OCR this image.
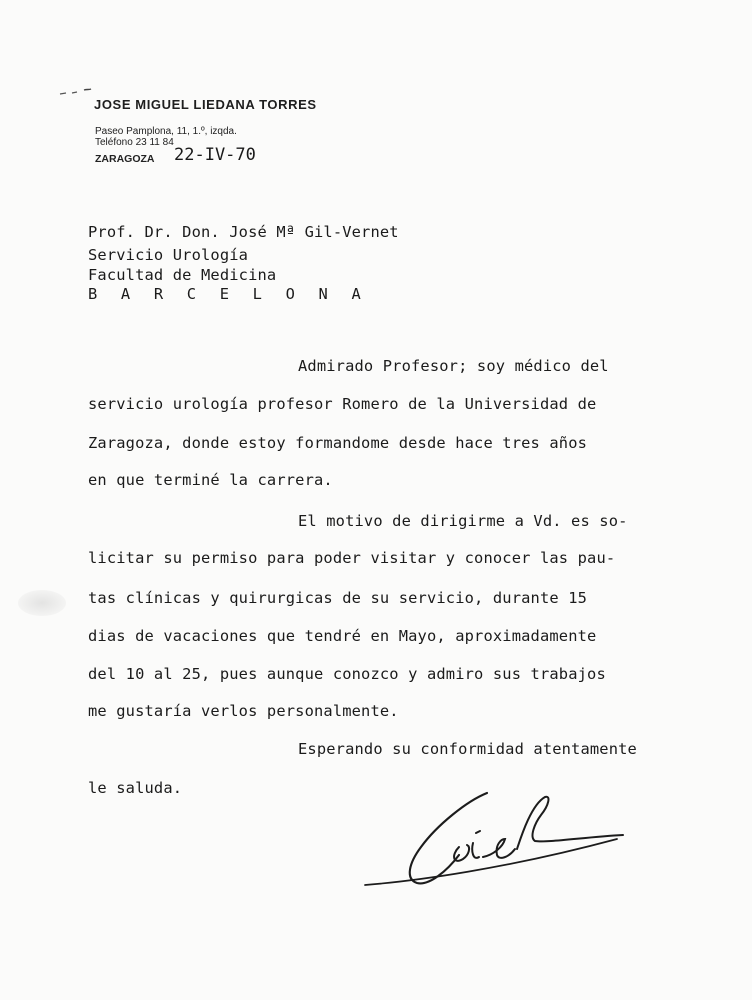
JOSE MIGUEL LIEDANA TORRES
Paseo Pamplona, 11, 1.º, izqda.
Teléfono 23 11 84
ZARAGOZA 22-IV-70
Prof. Dr. Don. José Mª Gil-Vernet
Servicio Urología
Facultad de Medicina
B A R C E L O N A
Admirado Profesor; soy médico del
servicio urología profesor Romero de la Universidad de
Zaragoza, donde estoy formandome desde hace tres años
en que terminé la carrera.
El motivo de dirigirme a Vd. es so-
licitar su permiso para poder visitar y conocer las pau-
tas clínicas y quirurgicas de su servicio, durante 15
dias de vacaciones que tendré en Mayo, aproximadamente
del 10 al 25, pues aunque conozco y admiro sus trabajos
me gustaría verlos personalmente.
Esperando su conformidad atentamente
le saluda.
